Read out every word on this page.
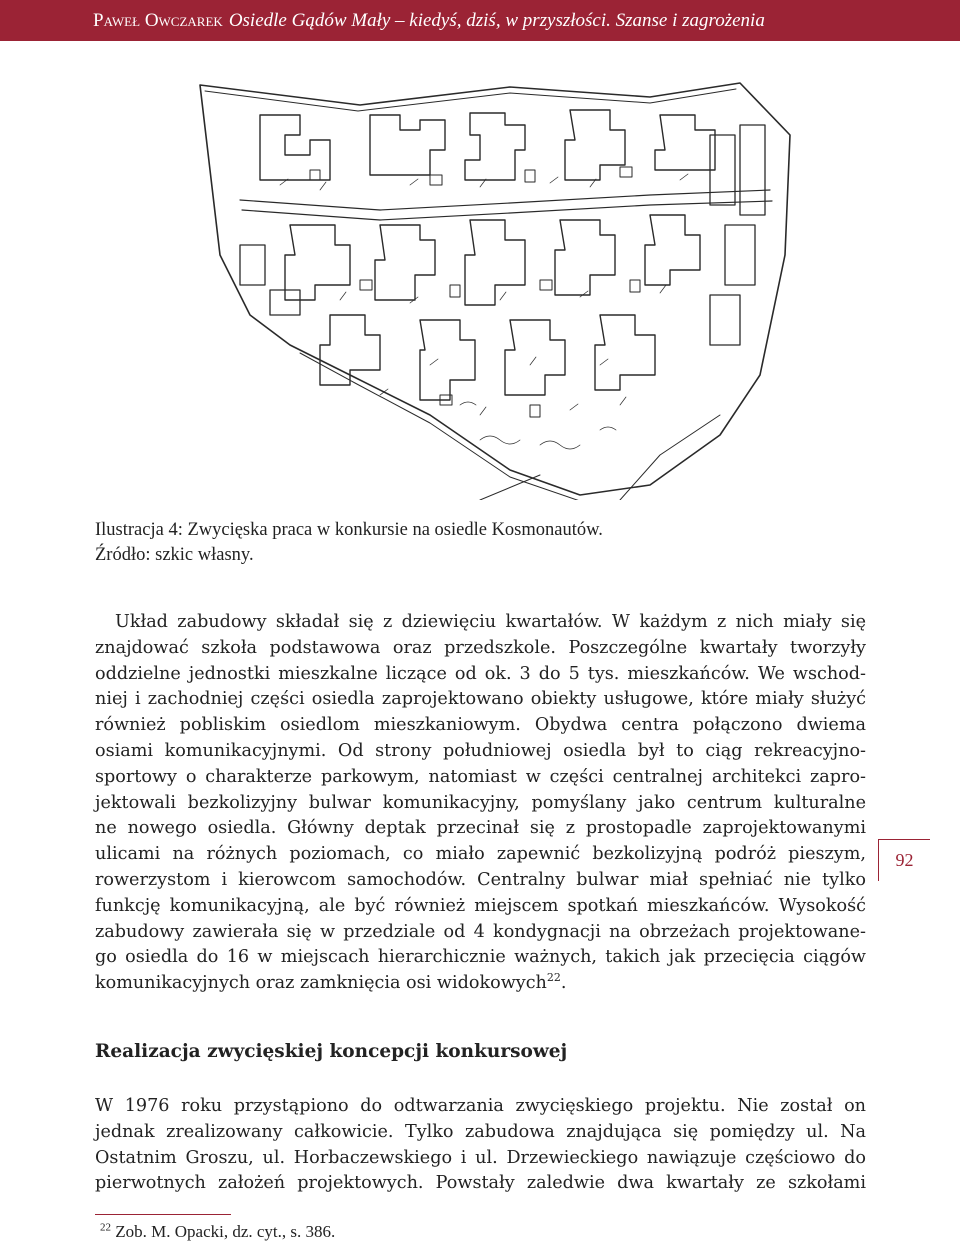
Paweł Owczarek Osiedle Gądów Mały – kiedyś, dziś, w przyszłości. Szanse i zagrożenia
Ilustracja 4: Zwycięska praca w konkursie na osiedle Kosmonautów.
Źródło: szkic własny.
Układ zabudowy składał się z dziewięciu kwartałów. W każdym z nich miały się
znajdować szkoła podstawowa oraz przedszkole. Poszczególne kwartały tworzyły
oddzielne jednostki mieszkalne liczące od ok. 3 do 5 tys. mieszkańców. We wschod-
niej i zachodniej części osiedla zaprojektowano obiekty usługowe, które miały służyć
również pobliskim osiedlom mieszkaniowym. Obydwa centra połączono dwiema
osiami komunikacyjnymi. Od strony południowej osiedla był to ciąg rekreacyjno-
sportowy o charakterze parkowym, natomiast w części centralnej architekci zapro-
jektowali bezkolizyjny bulwar komunikacyjny, pomyślany jako centrum kulturalne
ne nowego osiedla. Główny deptak przecinał się z prostopadle zaprojektowanymi
ulicami na różnych poziomach, co miało zapewnić bezkolizyjną podróż pieszym,
rowerzystom i kierowcom samochodów. Centralny bulwar miał spełniać nie tylko
funkcję komunikacyjną, ale być również miejscem spotkań mieszkańców. Wysokość
zabudowy zawierała się w przedziale od 4 kondygnacji na obrzeżach projektowane-
go osiedla do 16 w miejscach hierarchicznie ważnych, takich jak przecięcia ciągów
komunikacyjnych oraz zamknięcia osi widokowych$^{22}$.
Realizacja zwycięskiej koncepcji konkursowej
W 1976 roku przystąpiono do odtwarzania zwycięskiego projektu. Nie został on
jednak zrealizowany całkowicie. Tylko zabudowa znajdująca się pomiędzy ul. Na
Ostatnim Groszu, ul. Horbaczewskiego i ul. Drzewieckiego nawiązuje częściowo do
pierwotnych założeń projektowych. Powstały zaledwie dwa kwartały ze szkołami
92
$^{22}$ Zob. M. Opacki, dz. cyt., s. 386.
